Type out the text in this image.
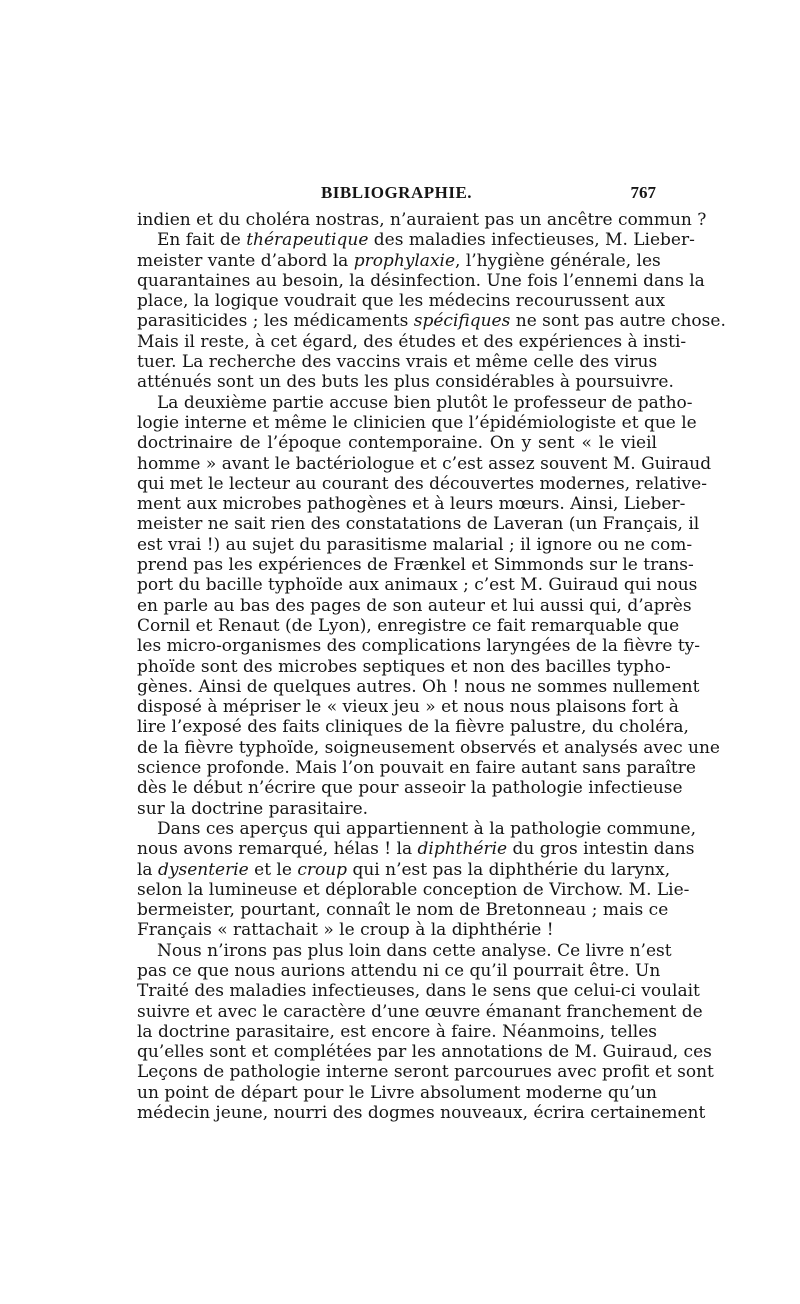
BIBLIOGRAPHIE.	767
indien et du choléra nostras, n’auraient pas un ancêtre commun ?
En fait de thérapeutique des maladies infectieuses, M. Lieber-
meister vante d’abord la prophylaxie, l’hygiène générale, les
quarantaines au besoin, la désinfection. Une fois l’ennemi dans la
place, la logique voudrait que les médecins recourussent aux
parasiticides ; les médicaments spécifiques ne sont pas autre chose.
Mais il reste, à cet égard, des études et des expériences à insti-
tuer. La recherche des vaccins vrais et même celle des virus
atténués sont un des buts les plus considérables à poursuivre.
La deuxième partie accuse bien plutôt le professeur de patho-
logie interne et même le clinicien que l’épidémiologiste et que le
doctrinaire de l’époque contemporaine. On y sent « le vieil
homme » avant le bactériologue et c’est assez souvent M. Guiraud
qui met le lecteur au courant des découvertes modernes, relative-
ment aux microbes pathogènes et à leurs mœurs. Ainsi, Lieber-
meister ne sait rien des constatations de Laveran (un Français, il
est vrai !) au sujet du parasitisme malarial ; il ignore ou ne com-
prend pas les expériences de Frænkel et Simmonds sur le trans-
port du bacille typhoïde aux animaux ; c’est M. Guiraud qui nous
en parle au bas des pages de son auteur et lui aussi qui, d’après
Cornil et Renaut (de Lyon), enregistre ce fait remarquable que
les micro-organismes des complications laryngées de la fièvre ty-
phoïde sont des microbes septiques et non des bacilles typho-
gènes. Ainsi de quelques autres. Oh ! nous ne sommes nullement
disposé à mépriser le « vieux jeu » et nous nous plaisons fort à
lire l’exposé des faits cliniques de la fièvre palustre, du choléra,
de la fièvre typhoïde, soigneusement observés et analysés avec une
science profonde. Mais l’on pouvait en faire autant sans paraître
dès le début n’écrire que pour asseoir la pathologie infectieuse
sur la doctrine parasitaire.
Dans ces aperçus qui appartiennent à la pathologie commune,
nous avons remarqué, hélas ! la diphthérie du gros intestin dans
la dysenterie et le croup qui n’est pas la diphthérie du larynx,
selon la lumineuse et déplorable conception de Virchow. M. Lie-
bermeister, pourtant, connaît le nom de Bretonneau ; mais ce
Français « rattachait » le croup à la diphthérie !
Nous n’irons pas plus loin dans cette analyse. Ce livre n’est
pas ce que nous aurions attendu ni ce qu’il pourrait être. Un
Traité des maladies infectieuses, dans le sens que celui-ci voulait
suivre et avec le caractère d’une œuvre émanant franchement de
la doctrine parasitaire, est encore à faire. Néanmoins, telles
qu’elles sont et complétées par les annotations de M. Guiraud, ces
Leçons de pathologie interne seront parcourues avec profit et sont
un point de départ pour le Livre absolument moderne qu’un
médecin jeune, nourri des dogmes nouveaux, écrira certainement
